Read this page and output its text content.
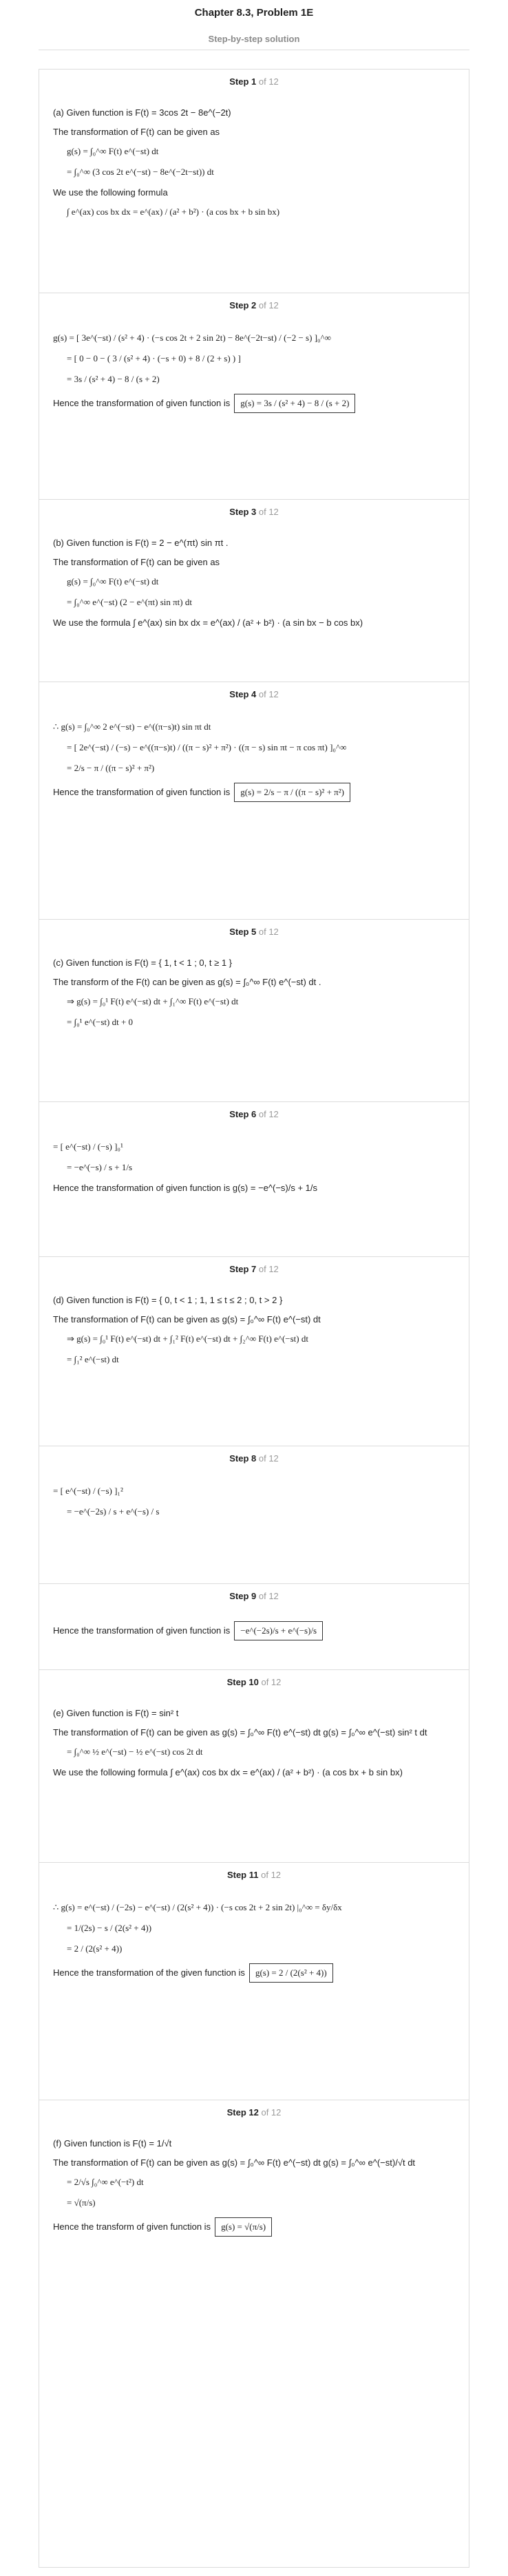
Chapter 8.3, Problem 1E
Step-by-step solution
Step 1 of 12
(a) Given function is F(t) = 3cos 2t − 8e^(−2t)
The transformation of F(t) can be given as
g(s) = ∫₀^∞ F(t) e^(−st) dt
= ∫₀^∞ (3 cos 2t e^(−st) − 8e^(−2t−st)) dt
We use the following formula
∫ e^(ax) cos bx dx = e^(ax) / (a² + b²) · (a cos bx + b sin bx)
Step 2 of 12
g(s) = [ 3e^(−st) / (s² + 4) · (−s cos 2t + 2 sin 2t) − 8e^(−2t−st) / (−2 − s) ]₀^∞
= [ 0 − 0 − ( 3 / (s² + 4) · (−s + 0) + 8 / (2 + s) ) ]
= 3s / (s² + 4) − 8 / (s + 2)
Hence the transformation of given function is g(s) = 3s / (s² + 4) − 8 / (s + 2)
Step 3 of 12
(b) Given function is F(t) = 2 − e^(πt) sin πt .
The transformation of F(t) can be given as
g(s) = ∫₀^∞ F(t) e^(−st) dt
= ∫₀^∞ e^(−st) (2 − e^(πt) sin πt) dt
We use the formula ∫ e^(ax) sin bx dx = e^(ax) / (a² + b²) · (a sin bx − b cos bx)
Step 4 of 12
∴ g(s) = ∫₀^∞ 2 e^(−st) − e^((π−s)t) sin πt dt
= [ 2e^(−st) / (−s) − e^((π−s)t) / ((π − s)² + π²) · ((π − s) sin πt − π cos πt) ]₀^∞
= 2/s − π / ((π − s)² + π²)
Hence the transformation of given function is g(s) = 2/s − π / ((π − s)² + π²)
Step 5 of 12
(c) Given function is F(t) = { 1, t < 1 ; 0, t ≥ 1 }
The transform of the F(t) can be given as g(s) = ∫₀^∞ F(t) e^(−st) dt .
⇒ g(s) = ∫₀¹ F(t) e^(−st) dt + ∫₁^∞ F(t) e^(−st) dt
= ∫₀¹ e^(−st) dt + 0
Step 6 of 12
= [ e^(−st) / (−s) ]₀¹
= −e^(−s) / s + 1/s
Hence the transformation of given function is g(s) = −e^(−s)/s + 1/s
Step 7 of 12
(d) Given function is F(t) = { 0, t < 1 ; 1, 1 ≤ t ≤ 2 ; 0, t > 2 }
The transformation of F(t) can be given as g(s) = ∫₀^∞ F(t) e^(−st) dt
⇒ g(s) = ∫₀¹ F(t) e^(−st) dt + ∫₁² F(t) e^(−st) dt + ∫₂^∞ F(t) e^(−st) dt
= ∫₁² e^(−st) dt
Step 8 of 12
= [ e^(−st) / (−s) ]₁²
= −e^(−2s) / s + e^(−s) / s
Step 9 of 12
Hence the transformation of given function is −e^(−2s)/s + e^(−s)/s
Step 10 of 12
(e) Given function is F(t) = sin² t
The transformation of F(t) can be given as g(s) = ∫₀^∞ F(t) e^(−st) dt g(s) = ∫₀^∞ e^(−st) sin² t dt
= ∫₀^∞ ½ e^(−st) − ½ e^(−st) cos 2t dt
We use the following formula ∫ e^(ax) cos bx dx = e^(ax) / (a² + b²) · (a cos bx + b sin bx)
Step 11 of 12
∴ g(s) = e^(−st) / (−2s) − e^(−st) / (2(s² + 4)) · (−s cos 2t + 2 sin 2t) |₀^∞ = δy/δx
= 1/(2s) − s / (2(s² + 4))
= 2 / (2(s² + 4))
Hence the transformation of the given function is g(s) = 2 / (2(s² + 4))
Step 12 of 12
(f) Given function is F(t) = 1/√t
The transformation of F(t) can be given as g(s) = ∫₀^∞ F(t) e^(−st) dt g(s) = ∫₀^∞ e^(−st)/√t dt
= 2/√s ∫₀^∞ e^(−t²) dt
= √(π/s)
Hence the transform of given function is g(s) = √(π/s)
